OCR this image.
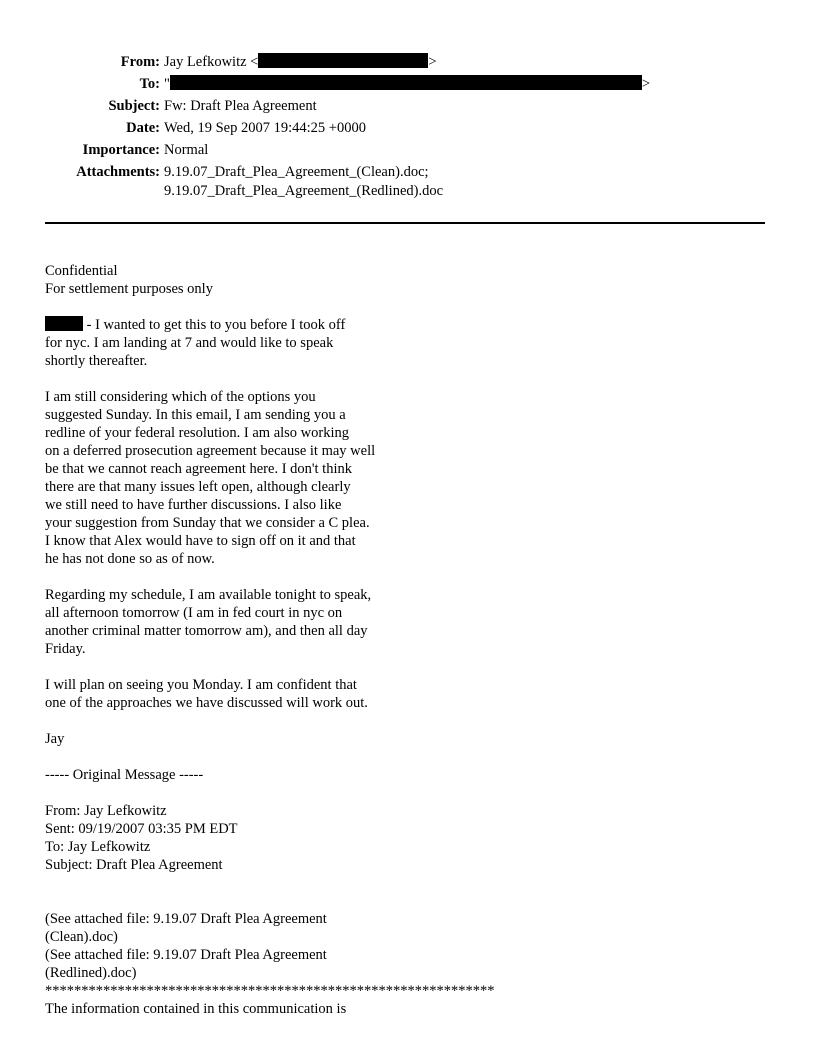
From: Jay Lefkowitz <	>
To: "	>
Subject: Fw: Draft Plea Agreement
Date: Wed, 19 Sep 2007 19:44:25 +0000
Importance: Normal
Attachments: 9.19.07_Draft_Plea_Agreement_(Clean).doc;
9.19.07_Draft_Plea_Agreement_(Redlined).doc
Confidential
For settlement purposes only
- I wanted to get this to you before I took off
for nyc. I am landing at 7 and would like to speak
shortly thereafter.
I am still considering which of the options you
suggested Sunday. In this email, I am sending you a
redline of your federal resolution. I am also working
on a deferred prosecution agreement because it may well
be that we cannot reach agreement here. I don't think
there are that many issues left open, although clearly
we still need to have further discussions. I also like
your suggestion from Sunday that we consider a C plea.
I know that Alex would have to sign off on it and that
he has not done so as of now.
Regarding my schedule, I am available tonight to speak,
all afternoon tomorrow (I am in fed court in nyc on
another criminal matter tomorrow am), and then all day
Friday.
I will plan on seeing you Monday. I am confident that
one of the approaches we have discussed will work out.
Jay
----- Original Message -----
From: Jay Lefkowitz
Sent: 09/19/2007 03:35 PM EDT
To: Jay Lefkowitz
Subject: Draft Plea Agreement
(See attached file: 9.19.07 Draft Plea Agreement
(Clean).doc)
(See attached file: 9.19.07 Draft Plea Agreement
(Redlined).doc)
**************************************************************
The information contained in this communication is
